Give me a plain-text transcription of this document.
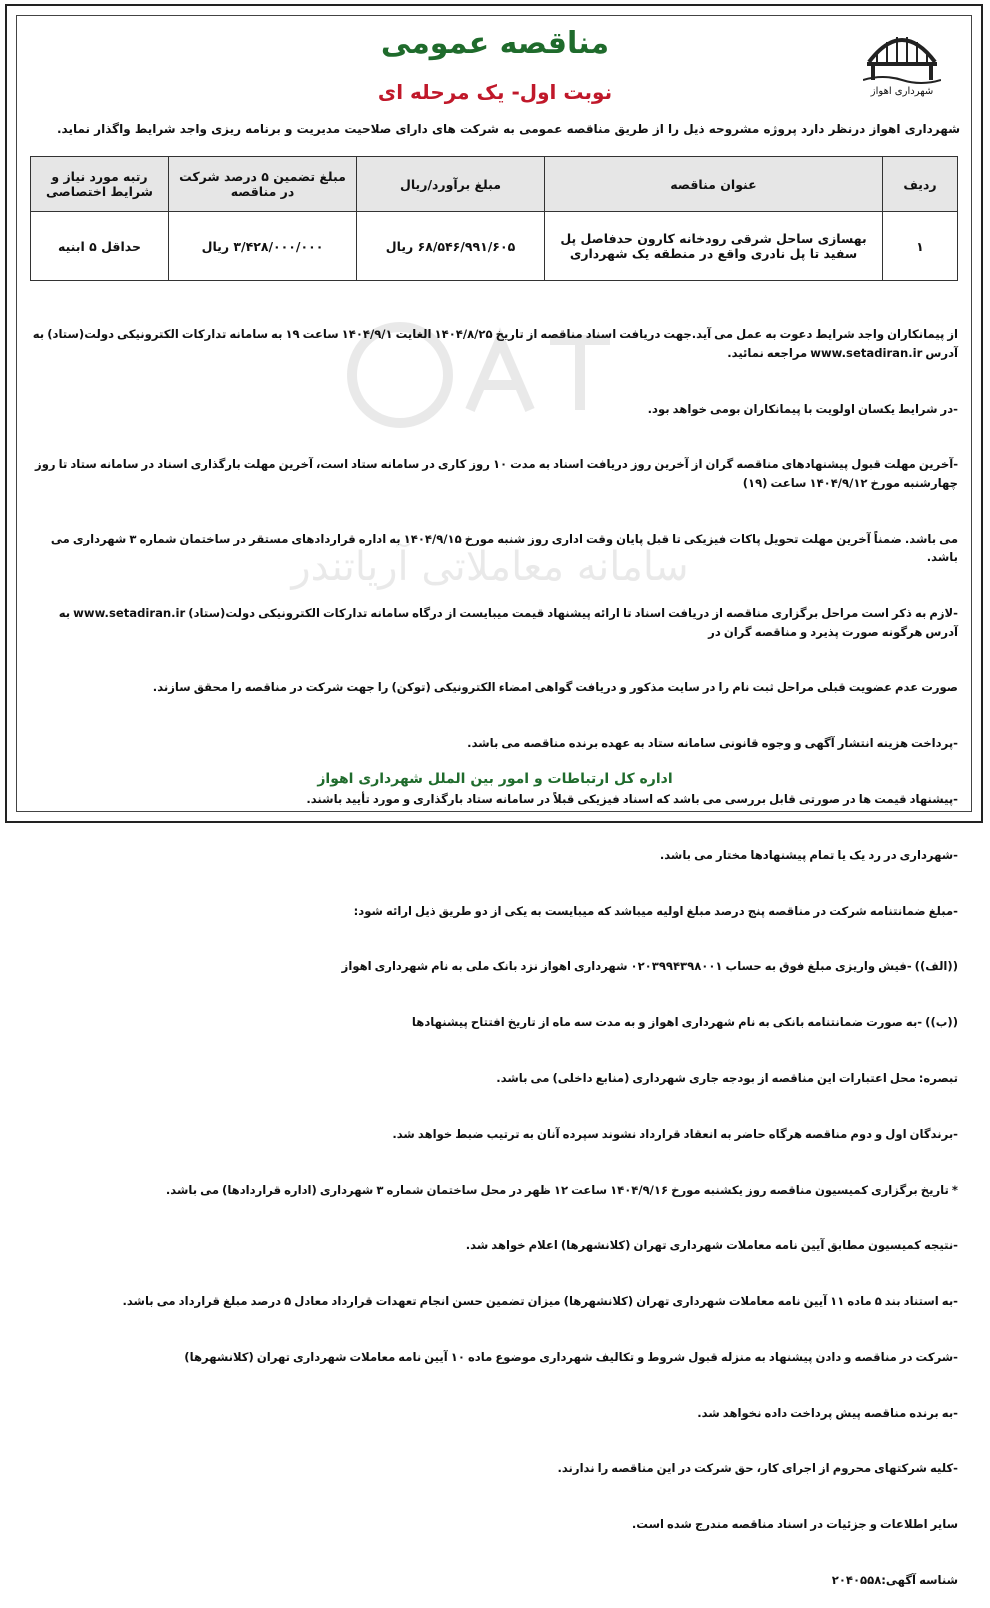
سامانه معاملاتی آریاتندر
شهرداری اهواز
مناقصه عمومی
نوبت اول- یک مرحله ای
شهرداری اهواز درنظر دارد پروژه مشروحه ذیل را از طریق مناقصه عمومی به شرکت های دارای صلاحیت مدیریت و برنامه ریزی واجد شرایط واگذار نماید.
ردیف	عنوان مناقصه	مبلغ برآورد/ریال	مبلغ تضمین ۵ درصد شرکت در مناقصه	رتبه مورد نیاز و شرایط اختصاصی
۱	بهسازی ساحل شرقی رودخانه کارون حدفاصل پل سفید تا پل نادری واقع در منطقه یک شهرداری	۶۸/۵۴۶/۹۹۱/۶۰۵ ریال	۳/۴۲۸/۰۰۰/۰۰۰ ریال	حداقل ۵ ابنیه

از پیمانکاران واجد شرایط دعوت به عمل می آید.جهت دریافت اسناد مناقصه از تاریخ ۱۴۰۴/۸/۲۵ الغایت ۱۴۰۴/۹/۱ ساعت ۱۹ به سامانه تدارکات الکترونیکی دولت(ستاد) به آدرس www.setadiran.ir مراجعه نمائید.

-در شرایط یکسان اولویت با پیمانکاران بومی خواهد بود.

-آخرین مهلت قبول پیشنهادهای مناقصه گران از آخرین روز دریافت اسناد به مدت ۱۰ روز کاری در سامانه ستاد است، آخرین مهلت بارگذاری اسناد در سامانه ستاد تا روز چهارشنبه مورخ ۱۴۰۴/۹/۱۲ ساعت (۱۹)

می باشد. ضمناً آخرین مهلت تحویل پاکات فیزیکی تا قبل پایان وقت اداری روز شنبه مورخ ۱۴۰۴/۹/۱۵ به اداره قراردادهای مستقر در ساختمان شماره ۳ شهرداری می باشد.

-لازم به ذکر است مراحل برگزاری مناقصه از دریافت اسناد تا ارائه پیشنهاد قیمت میبایست از درگاه سامانه تدارکات الکترونیکی دولت(ستاد) www.setadiran.ir به آدرس هرگونه صورت پذیرد و مناقصه گران در

صورت عدم عضویت قبلی مراحل ثبت نام را در سایت مذکور و دریافت گواهی امضاء الکترونیکی (توکن) را جهت شرکت در مناقصه را محقق سازند.

-پرداخت هزینه انتشار آگهی و وجوه قانونی سامانه ستاد به عهده برنده مناقصه می باشد.

-پیشنهاد قیمت ها در صورتی قابل بررسی می باشد که اسناد فیزیکی قبلاً در سامانه ستاد بارگذاری و مورد تأیید باشند.

-شهرداری در رد یک یا تمام پیشنهادها مختار می باشد.

-مبلغ ضمانتنامه شرکت در مناقصه پنج درصد مبلغ اولیه میباشد که میبایست به یکی از دو طریق ذیل ارائه شود:

((الف)) -فیش واریزی مبلغ فوق به حساب ۰۲۰۳۹۹۴۳۹۸۰۰۱ شهرداری اهواز نزد بانک ملی به نام شهرداری اهواز

((ب)) -به صورت ضمانتنامه بانکی به نام شهرداری اهواز و به مدت سه ماه از تاریخ افتتاح پیشنهادها

تبصره: محل اعتبارات این مناقصه از بودجه جاری شهرداری (منابع داخلی) می باشد.

-برندگان اول و دوم مناقصه هرگاه حاضر به انعقاد قرارداد نشوند سپرده آنان به ترتیب ضبط خواهد شد.

* تاریخ برگزاری کمیسیون مناقصه روز یکشنبه مورخ ۱۴۰۴/۹/۱۶ ساعت ۱۲ ظهر در محل ساختمان شماره ۳ شهرداری (اداره قراردادها) می باشد.

-نتیجه کمیسیون مطابق آیین نامه معاملات شهرداری تهران (کلانشهرها) اعلام خواهد شد.

-به استناد بند ۵ ماده ۱۱ آیین نامه معاملات شهرداری تهران (کلانشهرها) میزان تضمین حسن انجام تعهدات قرارداد معادل ۵ درصد مبلغ قرارداد می باشد.

-شرکت در مناقصه و دادن پیشنهاد به منزله قبول شروط و تکالیف شهرداری موضوع ماده ۱۰ آیین نامه معاملات شهرداری تهران (کلانشهرها)

-به برنده مناقصه پیش پرداخت داده نخواهد شد.

-کلیه شرکتهای محروم از اجرای کار، حق شرکت در این مناقصه را ندارند.

سایر اطلاعات و جزئیات در اسناد مناقصه مندرج شده است.

شناسه آگهی:۲۰۴۰۵۵۸

اداره کل ارتباطات و امور بین الملل شهرداری اهواز
